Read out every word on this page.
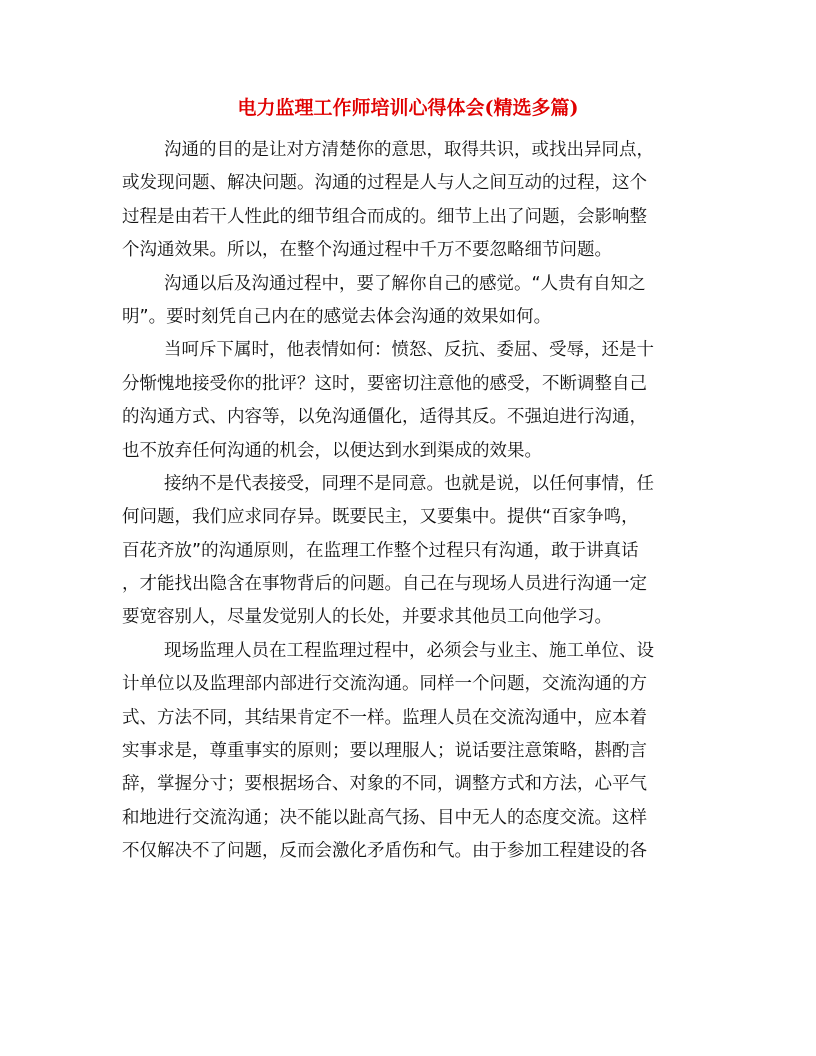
电力监理工作师培训心得体会(精选多篇)
沟通的目的是让对方清楚你的意思，取得共识，或找出异同点，
或发现问题、解决问题。沟通的过程是人与人之间互动的过程，这个
过程是由若干人性此的细节组合而成的。细节上出了问题，会影响整
个沟通效果。所以，在整个沟通过程中千万不要忽略细节问题。
沟通以后及沟通过程中，要了解你自己的感觉。“人贵有自知之
明”。要时刻凭自己内在的感觉去体会沟通的效果如何。
当呵斥下属时，他表情如何：愤怒、反抗、委屈、受辱，还是十
分惭愧地接受你的批评？这时，要密切注意他的感受，不断调整自己
的沟通方式、内容等，以免沟通僵化，适得其反。不强迫进行沟通，
也不放弃任何沟通的机会，以便达到水到渠成的效果。
接纳不是代表接受，同理不是同意。也就是说，以任何事情，任
何问题，我们应求同存异。既要民主，又要集中。提供“百家争鸣，
百花齐放”的沟通原则，在监理工作整个过程只有沟通，敢于讲真话
，才能找出隐含在事物背后的问题。自己在与现场人员进行沟通一定
要宽容别人，尽量发觉别人的长处，并要求其他员工向他学习。
现场监理人员在工程监理过程中，必须会与业主、施工单位、设
计单位以及监理部内部进行交流沟通。同样一个问题，交流沟通的方
式、方法不同，其结果肯定不一样。监理人员在交流沟通中，应本着
实事求是，尊重事实的原则；要以理服人；说话要注意策略，斟酌言
辞，掌握分寸；要根据场合、对象的不同，调整方式和方法，心平气
和地进行交流沟通；决不能以趾高气扬、目中无人的态度交流。这样
不仅解决不了问题，反而会激化矛盾伤和气。由于参加工程建设的各
